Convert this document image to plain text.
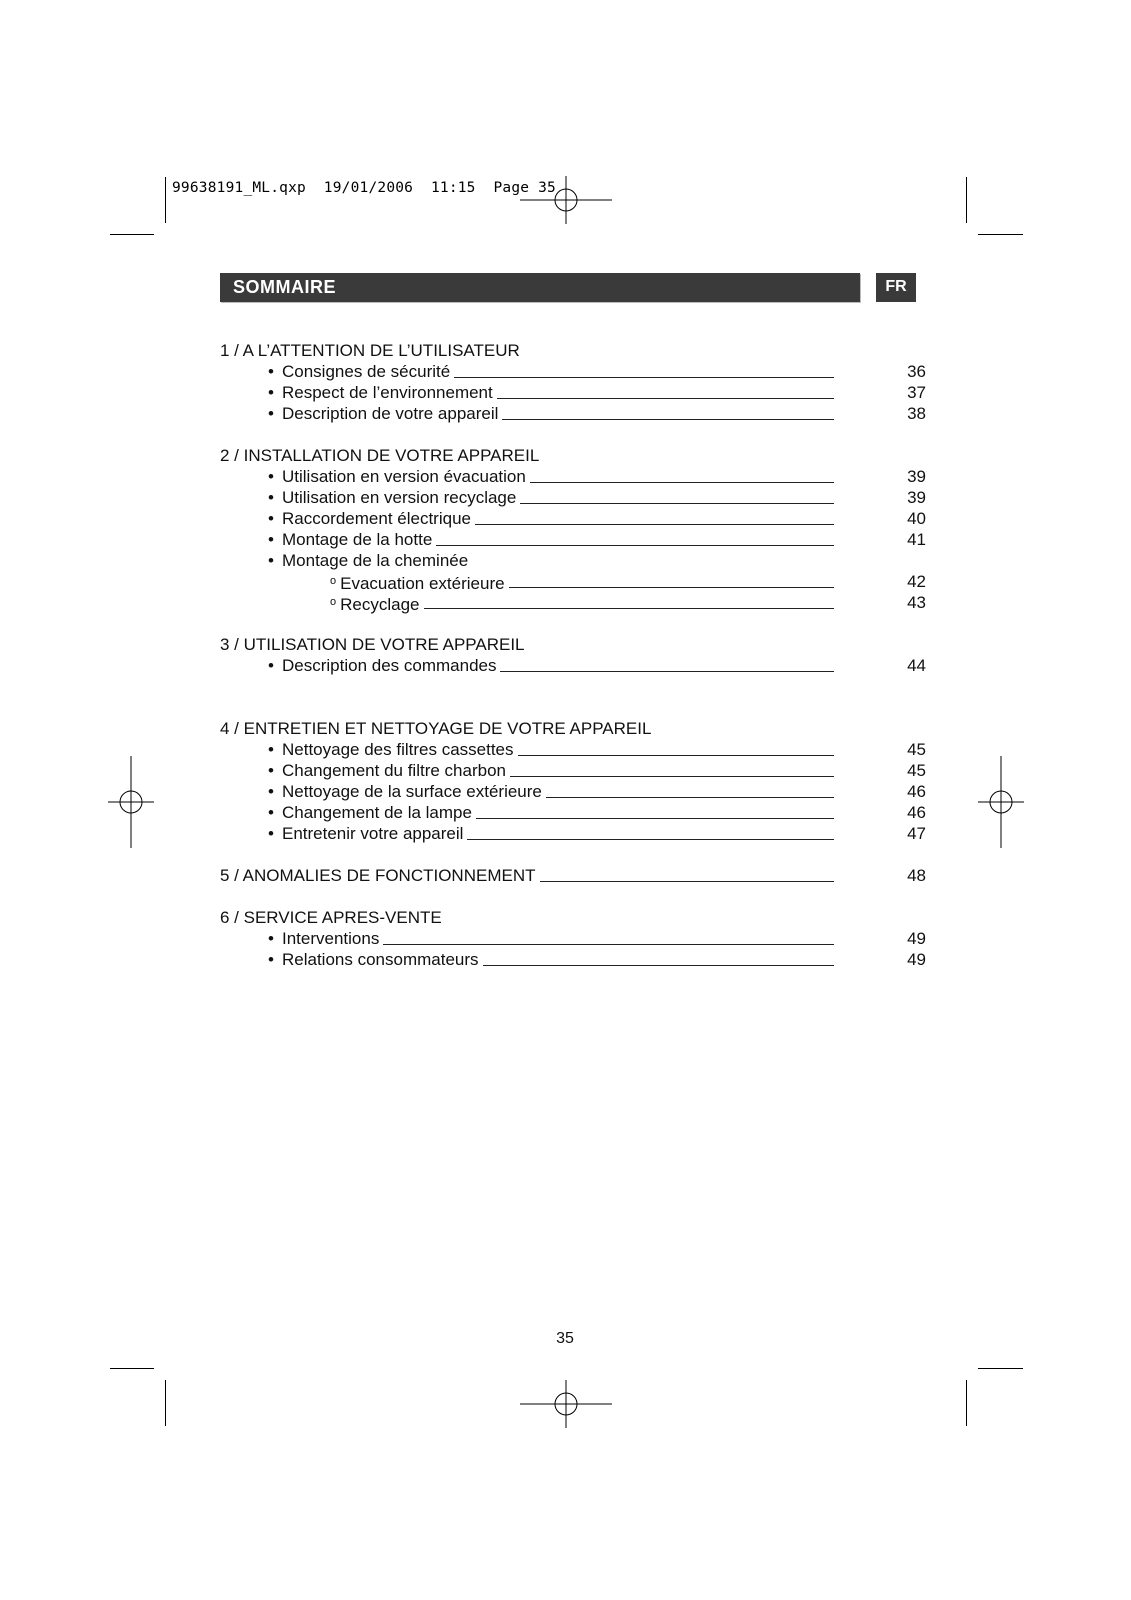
99638191_ML.qxp  19/01/2006  11:15  Page 35
SOMMAIRE	FR
1 / A L’ATTENTION DE L’UTILISATEUR
• Consignes de sécurité	36
• Respect de l’environnement	37
• Description de votre appareil	38
2 / INSTALLATION DE VOTRE APPAREIL
• Utilisation en version évacuation	39
• Utilisation en version recyclage	39
• Raccordement électrique	40
• Montage de la hotte	41
• Montage de la cheminée
$^o$ Evacuation extérieure	42
$^o$ Recyclage	43
3 / UTILISATION DE VOTRE APPAREIL
• Description des commandes	44
4 / ENTRETIEN ET NETTOYAGE DE VOTRE APPAREIL
• Nettoyage des filtres cassettes	45
• Changement du filtre charbon	45
• Nettoyage de la surface extérieure	46
• Changement de la lampe	46
• Entretenir votre appareil	47
5 / ANOMALIES DE FONCTIONNEMENT	48
6 / SERVICE APRES-VENTE
• Interventions	49
• Relations consommateurs	49
35
